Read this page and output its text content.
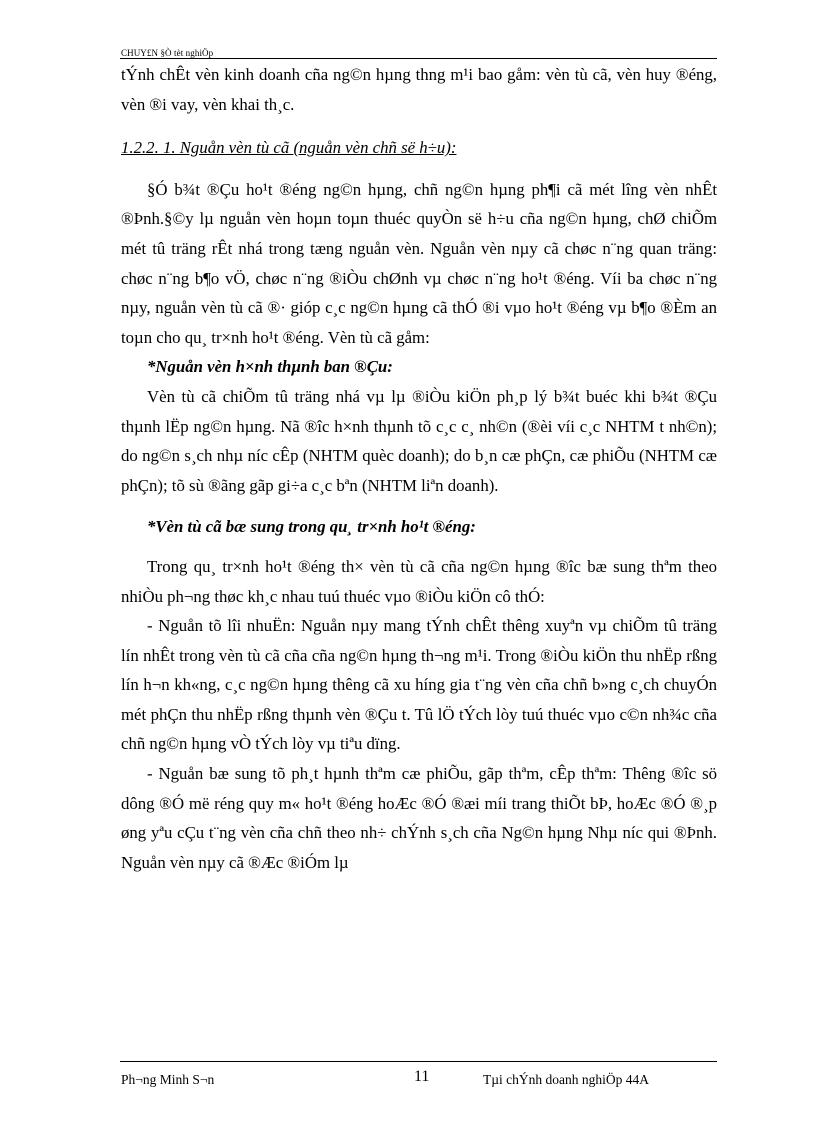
CHUY£N §Ò tèt nghiÖp

tÝnh chÊt vèn kinh doanh cña ng©n hµng thng m¹i bao gåm: vèn tù cã, vèn huy ®éng, vèn ®i vay, vèn khai th¸c.

1.2.2. 1. Nguån vèn tù cã (nguån vèn chñ së h÷u):

§Ó b¾t ®Çu ho¹t ®éng ng©n hµng, chñ ng©n hµng ph¶i cã mét lîng vèn nhÊt ®Þnh.§©y lµ nguån vèn hoµn toµn thuéc quyÒn së h÷u cña ng©n hµng, chØ chiÕm mét tû träng rÊt nhá trong tæng nguån vèn. Nguån vèn nµy cã chøc n¨ng quan träng: chøc n¨ng b¶o vÖ, chøc n¨ng ®iÒu chØnh vµ chøc n¨ng ho¹t ®éng. Víi ba chøc n¨ng nµy, nguån vèn tù cã ®· gióp c¸c ng©n hµng cã thÓ ®i vµo ho¹t ®éng vµ b¶o ®Èm an toµn cho qu¸ tr×nh ho¹t ®éng. Vèn tù cã gåm:

*Nguån vèn h×nh thµnh ban ®Çu:

Vèn tù cã chiÕm tû träng nhá vµ lµ ®iÒu kiÖn ph¸p lý b¾t buéc khi b¾t ®Çu thµnh lËp ng©n hµng. Nã ®îc h×nh thµnh tõ c¸c c¸ nh©n (®èi víi c¸c NHTM t nh©n); do ng©n s¸ch nhµ níc cÊp (NHTM quèc doanh); do b¸n cæ phÇn, cæ phiÕu (NHTM cæ phÇn); tõ sù ®ãng gãp gi÷a c¸c bªn (NHTM liªn doanh).

*Vèn tù cã bæ sung trong qu¸ tr×nh ho¹t ®éng:

Trong qu¸ tr×nh ho¹t ®éng th× vèn tù cã cña ng©n hµng ®îc bæ sung thªm theo nhiÒu ph¬ng thøc kh¸c nhau tuú thuéc vµo ®iÒu kiÖn cô thÓ:

- Nguån tõ lîi nhuËn: Nguån nµy mang tÝnh chÊt thêng xuyªn vµ chiÕm tû träng lín nhÊt trong vèn tù cã cña cña ng©n hµng th¬ng m¹i. Trong ®iÒu kiÖn thu nhËp rßng lín h¬n kh«ng, c¸c ng©n hµng thêng cã xu híng gia t¨ng vèn cña chñ b»ng c¸ch chuyÓn mét phÇn thu nhËp rßng thµnh vèn ®Çu t. Tû lÖ tÝch lòy tuú thuéc vµo c©n nh¾c cña chñ ng©n hµng vÒ tÝch lòy vµ tiªu dïng.

- Nguån bæ sung tõ ph¸t hµnh thªm cæ phiÕu, gãp thªm, cÊp thªm: Thêng ®îc sö dông ®Ó më réng quy m« ho¹t ®éng hoÆc ®Ó ®æi míi trang thiÕt bÞ, hoÆc ®Ó ®¸p øng yªu cÇu t¨ng vèn cña chñ theo nh÷ chÝnh s¸ch cña Ng©n hµng Nhµ níc qui ®Þnh. Nguån vèn nµy cã ®Æc ®iÓm lµ

Ph¬ng Minh S¬n	11	Tµi chÝnh doanh nghiÖp 44A
